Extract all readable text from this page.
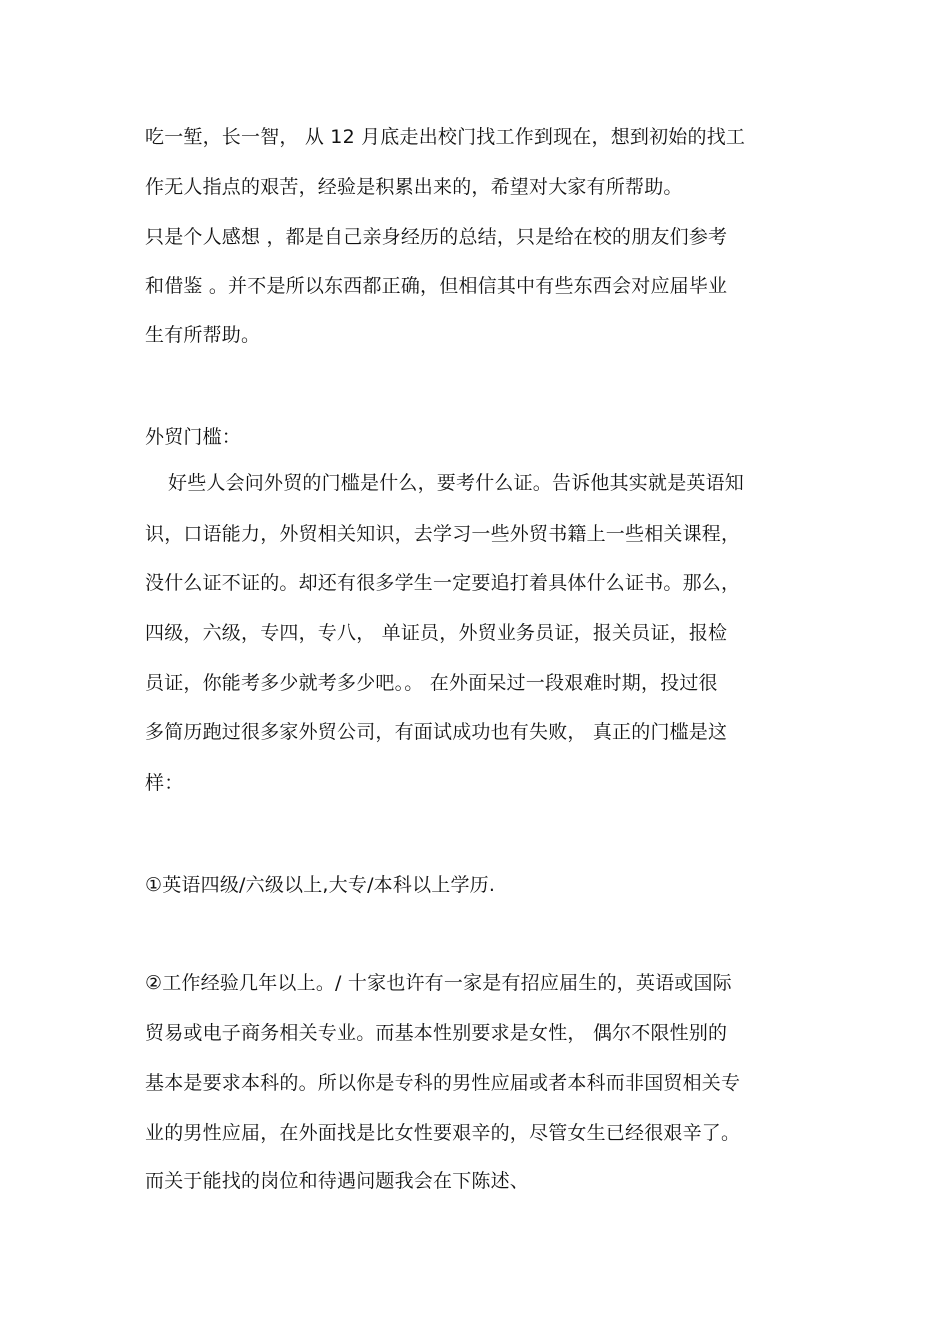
吃一堑，长一智， 从 12 月底走出校门找工作到现在，想到初始的找工
作无人指点的艰苦，经验是积累出来的，希望对大家有所帮助。
只是个人感想 ，都是自己亲身经历的总结，只是给在校的朋友们参考
和借鉴 。并不是所以东西都正确，但相信其中有些东西会对应届毕业
生有所帮助。
外贸门槛：
好些人会问外贸的门槛是什么，要考什么证。告诉他其实就是英语知
识，口语能力，外贸相关知识，去学习一些外贸书籍上一些相关课程，
没什么证不证的。却还有很多学生一定要追打着具体什么证书。那么，
四级，六级，专四，专八， 单证员，外贸业务员证，报关员证，报检
员证，你能考多少就考多少吧。。 在外面呆过一段艰难时期，投过很
多简历跑过很多家外贸公司，有面试成功也有失败， 真正的门槛是这
样：
①英语四级/六级以上,大专/本科以上学历.
②工作经验几年以上。/ 十家也许有一家是有招应届生的，英语或国际
贸易或电子商务相关专业。而基本性别要求是女性， 偶尔不限性别的
基本是要求本科的。所以你是专科的男性应届或者本科而非国贸相关专
业的男性应届，在外面找是比女性要艰辛的，尽管女生已经很艰辛了。
而关于能找的岗位和待遇问题我会在下陈述、
